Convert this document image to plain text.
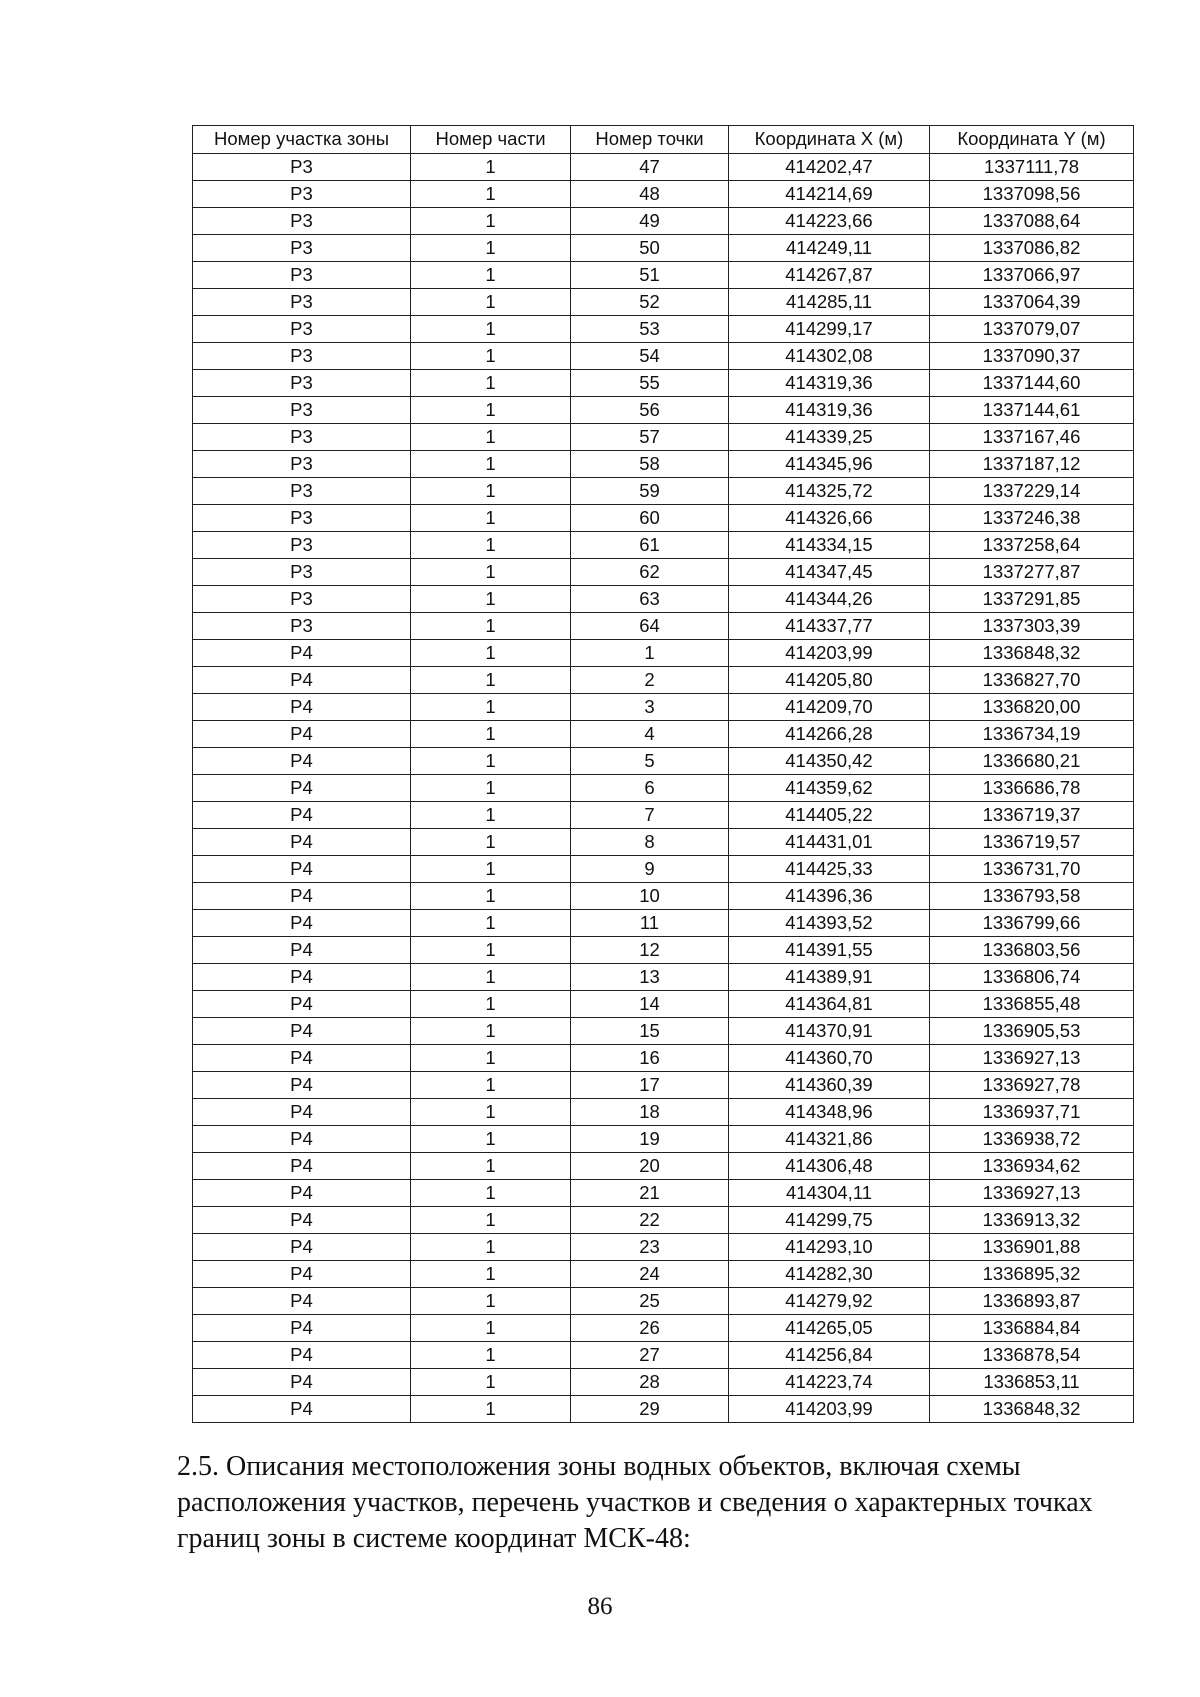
Номер участка зоны	Номер части	Номер точки	Координата X (м)	Координата Y (м)
Р3	1	47	414202,47	1337111,78
Р3	1	48	414214,69	1337098,56
Р3	1	49	414223,66	1337088,64
Р3	1	50	414249,11	1337086,82
Р3	1	51	414267,87	1337066,97
Р3	1	52	414285,11	1337064,39
Р3	1	53	414299,17	1337079,07
Р3	1	54	414302,08	1337090,37
Р3	1	55	414319,36	1337144,60
Р3	1	56	414319,36	1337144,61
Р3	1	57	414339,25	1337167,46
Р3	1	58	414345,96	1337187,12
Р3	1	59	414325,72	1337229,14
Р3	1	60	414326,66	1337246,38
Р3	1	61	414334,15	1337258,64
Р3	1	62	414347,45	1337277,87
Р3	1	63	414344,26	1337291,85
Р3	1	64	414337,77	1337303,39
Р4	1	1	414203,99	1336848,32
Р4	1	2	414205,80	1336827,70
Р4	1	3	414209,70	1336820,00
Р4	1	4	414266,28	1336734,19
Р4	1	5	414350,42	1336680,21
Р4	1	6	414359,62	1336686,78
Р4	1	7	414405,22	1336719,37
Р4	1	8	414431,01	1336719,57
Р4	1	9	414425,33	1336731,70
Р4	1	10	414396,36	1336793,58
Р4	1	11	414393,52	1336799,66
Р4	1	12	414391,55	1336803,56
Р4	1	13	414389,91	1336806,74
Р4	1	14	414364,81	1336855,48
Р4	1	15	414370,91	1336905,53
Р4	1	16	414360,70	1336927,13
Р4	1	17	414360,39	1336927,78
Р4	1	18	414348,96	1336937,71
Р4	1	19	414321,86	1336938,72
Р4	1	20	414306,48	1336934,62
Р4	1	21	414304,11	1336927,13
Р4	1	22	414299,75	1336913,32
Р4	1	23	414293,10	1336901,88
Р4	1	24	414282,30	1336895,32
Р4	1	25	414279,92	1336893,87
Р4	1	26	414265,05	1336884,84
Р4	1	27	414256,84	1336878,54
Р4	1	28	414223,74	1336853,11
Р4	1	29	414203,99	1336848,32

2.5. Описания местоположения зоны водных объектов, включая схемы расположения участков, перечень участков и сведения о характерных точках границ зоны в системе координат МСК-48:

86
